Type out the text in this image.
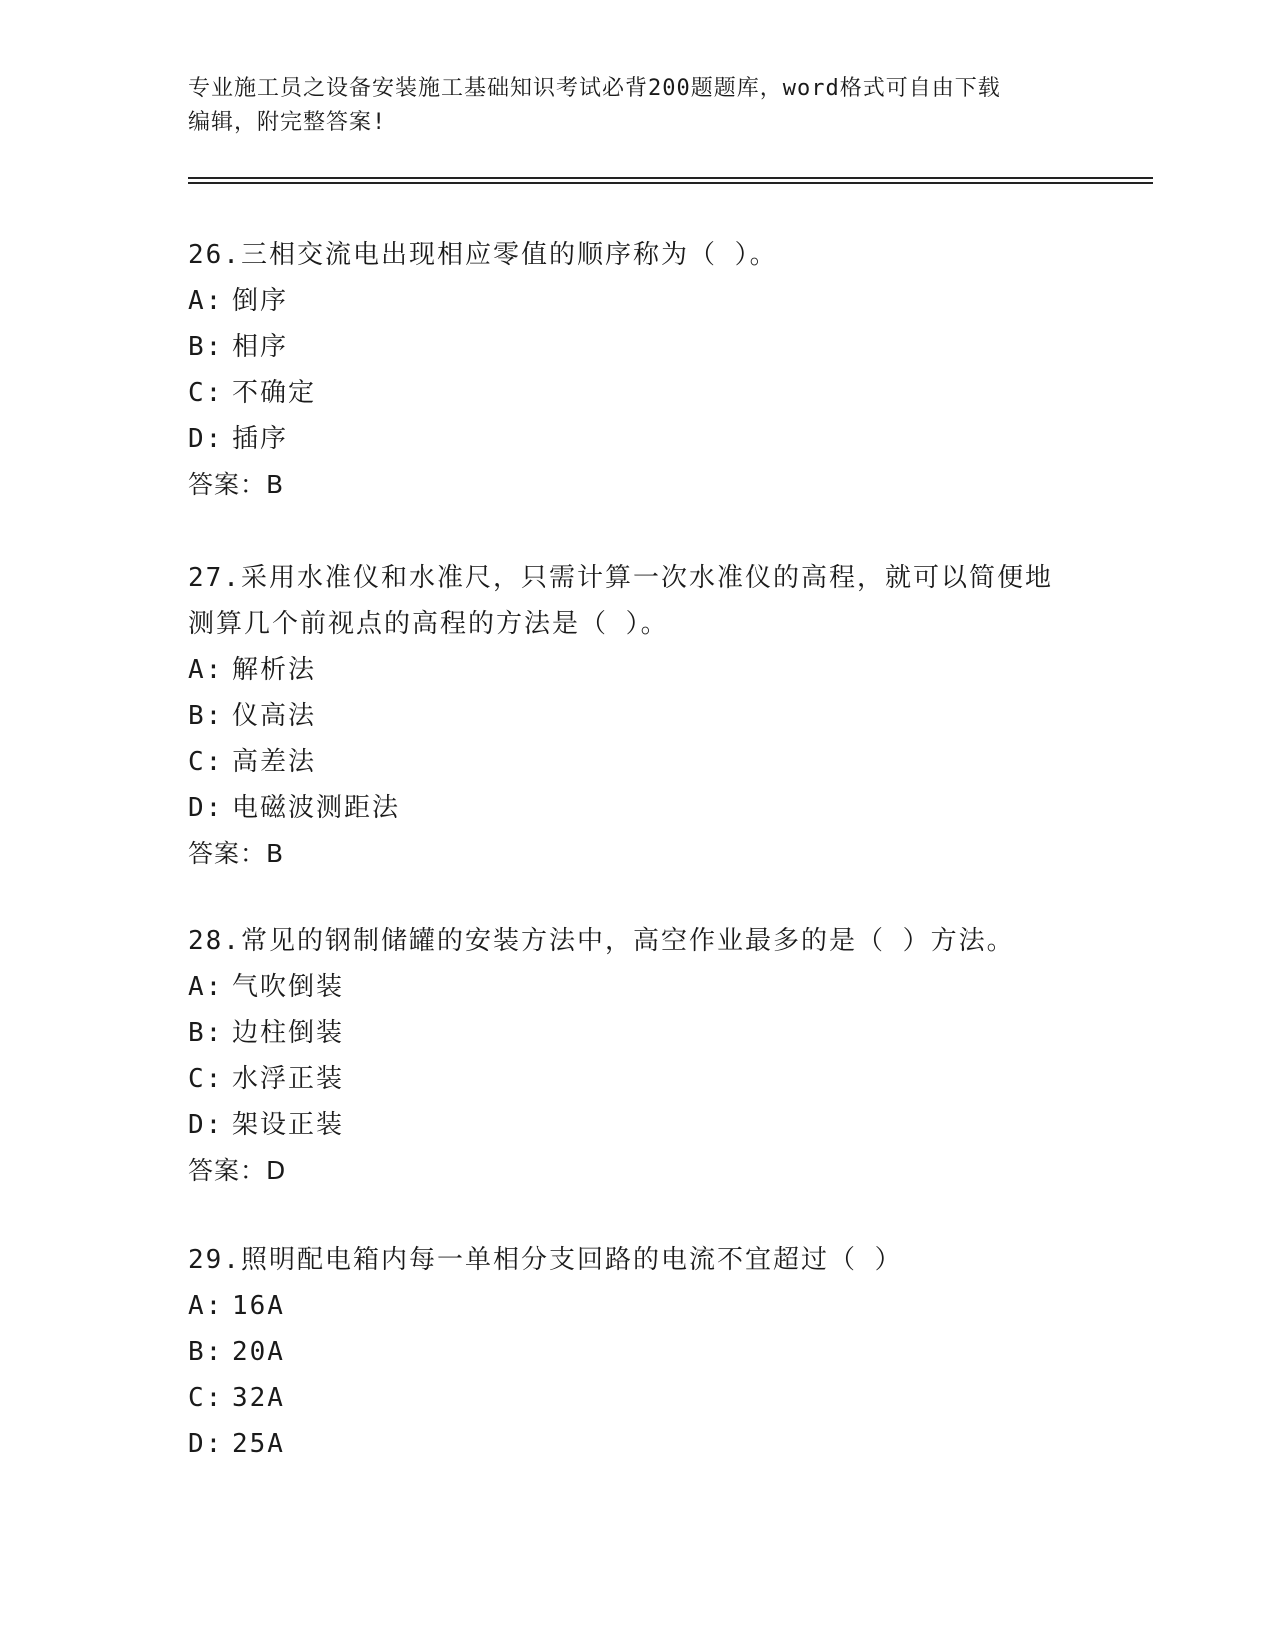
专业施工员之设备安装施工基础知识考试必背200题题库，word格式可自由下载
编辑，附完整答案!

26.三相交流电出现相应零值的顺序称为（ ）。

A: 倒序

B: 相序

C: 不确定

D: 插序

答案：B

27.采用水准仪和水准尺，只需计算一次水准仪的高程，就可以简便地

测算几个前视点的高程的方法是（ ）。

A: 解析法

B: 仪高法

C: 高差法

D: 电磁波测距法

答案：B

28.常见的钢制储罐的安装方法中，高空作业最多的是（ ）方法。

A: 气吹倒装

B: 边柱倒装

C: 水浮正装

D: 架设正装

答案：D

29.照明配电箱内每一单相分支回路的电流不宜超过（ ）

A: 16A

B: 20A

C: 32A

D: 25A
